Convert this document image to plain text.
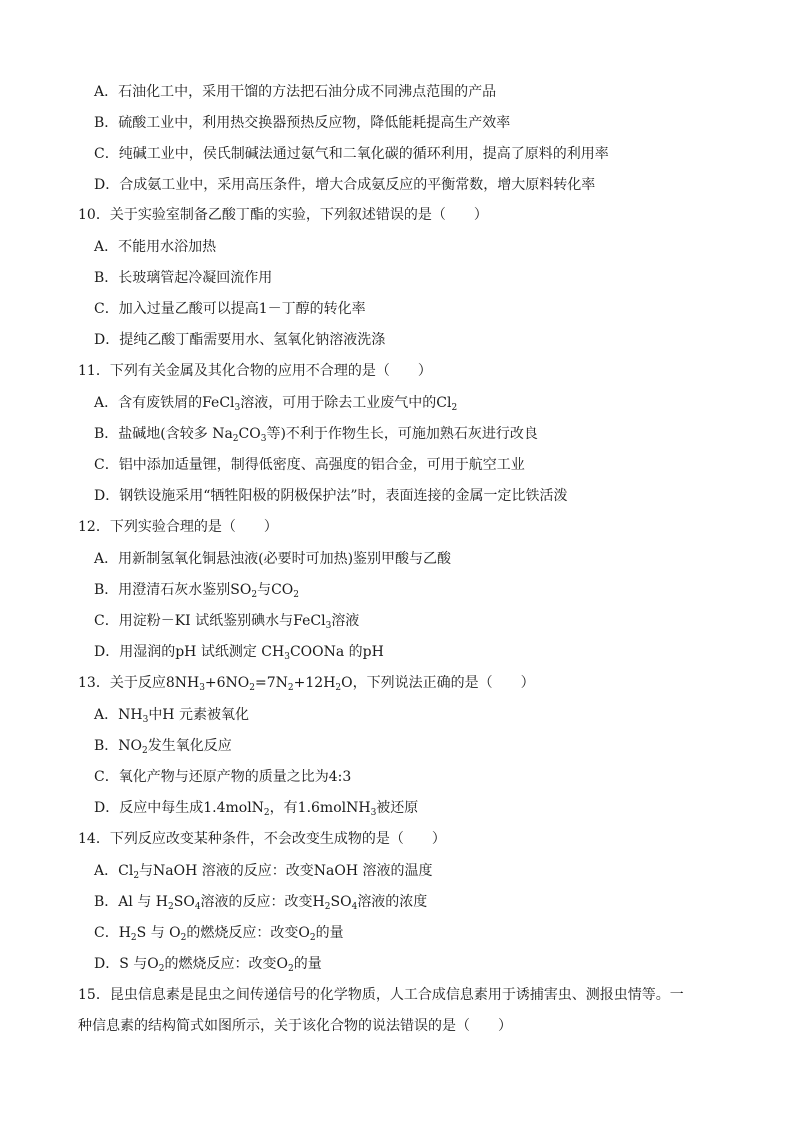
A．石油化工中，采用干馏的方法把石油分成不同沸点范围的产品
B．硫酸工业中，利用热交换器预热反应物，降低能耗提高生产效率
C．纯碱工业中，侯氏制碱法通过氨气和二氧化碳的循环利用，提高了原料的利用率
D．合成氨工业中，采用高压条件，增大合成氨反应的平衡常数，增大原料转化率
10．关于实验室制备乙酸丁酯的实验，下列叙述错误的是（　　）
A．不能用水浴加热
B．长玻璃管起冷凝回流作用
C．加入过量乙酸可以提高1－丁醇的转化率
D．提纯乙酸丁酯需要用水、氢氧化钠溶液洗涤
11．下列有关金属及其化合物的应用不合理的是（　　）
A．含有废铁屑的FeCl$_3$溶液，可用于除去工业废气中的$Cl_2$
B．盐碱地(含较多 $Na_2CO_3$等)不利于作物生长，可施加熟石灰进行改良
C．铝中添加适量锂，制得低密度、高强度的铝合金，可用于航空工业
D．钢铁设施采用“牺牲阳极的阴极保护法”时，表面连接的金属一定比铁活泼
12．下列实验合理的是（　　）
A．用新制氢氧化铜悬浊液(必要时可加热)鉴别甲酸与乙酸
B．用澄清石灰水鉴别$SO_2$与$CO_2$
C．用淀粉－KI 试纸鉴别碘水与FeCl$_3$溶液
D．用湿润的pH 试纸测定 $CH_3COONa$ 的pH
13．关于反应$8NH_3+6NO_2=7N_2+12H_2O$，下列说法正确的是（　　）
A．$NH_3$中H 元素被氧化
B．$NO_2$发生氧化反应
C．氧化产物与还原产物的质量之比为4:3
D．反应中每生成1.4molN$_2$，有1.6molNH$_3$被还原
14．下列反应改变某种条件，不会改变生成物的是（　　）
A．$Cl_2$与NaOH 溶液的反应：改变NaOH 溶液的温度
B．Al 与 $H_2SO_4$溶液的反应：改变$H_2SO_4$溶液的浓度
C．$H_2S$ 与 $O_2$的燃烧反应：改变$O_2$的量
D．S 与$O_2$的燃烧反应：改变$O_2$的量
15．昆虫信息素是昆虫之间传递信号的化学物质，人工合成信息素用于诱捕害虫、测报虫情等。一
种信息素的结构简式如图所示，关于该化合物的说法错误的是（　　）
